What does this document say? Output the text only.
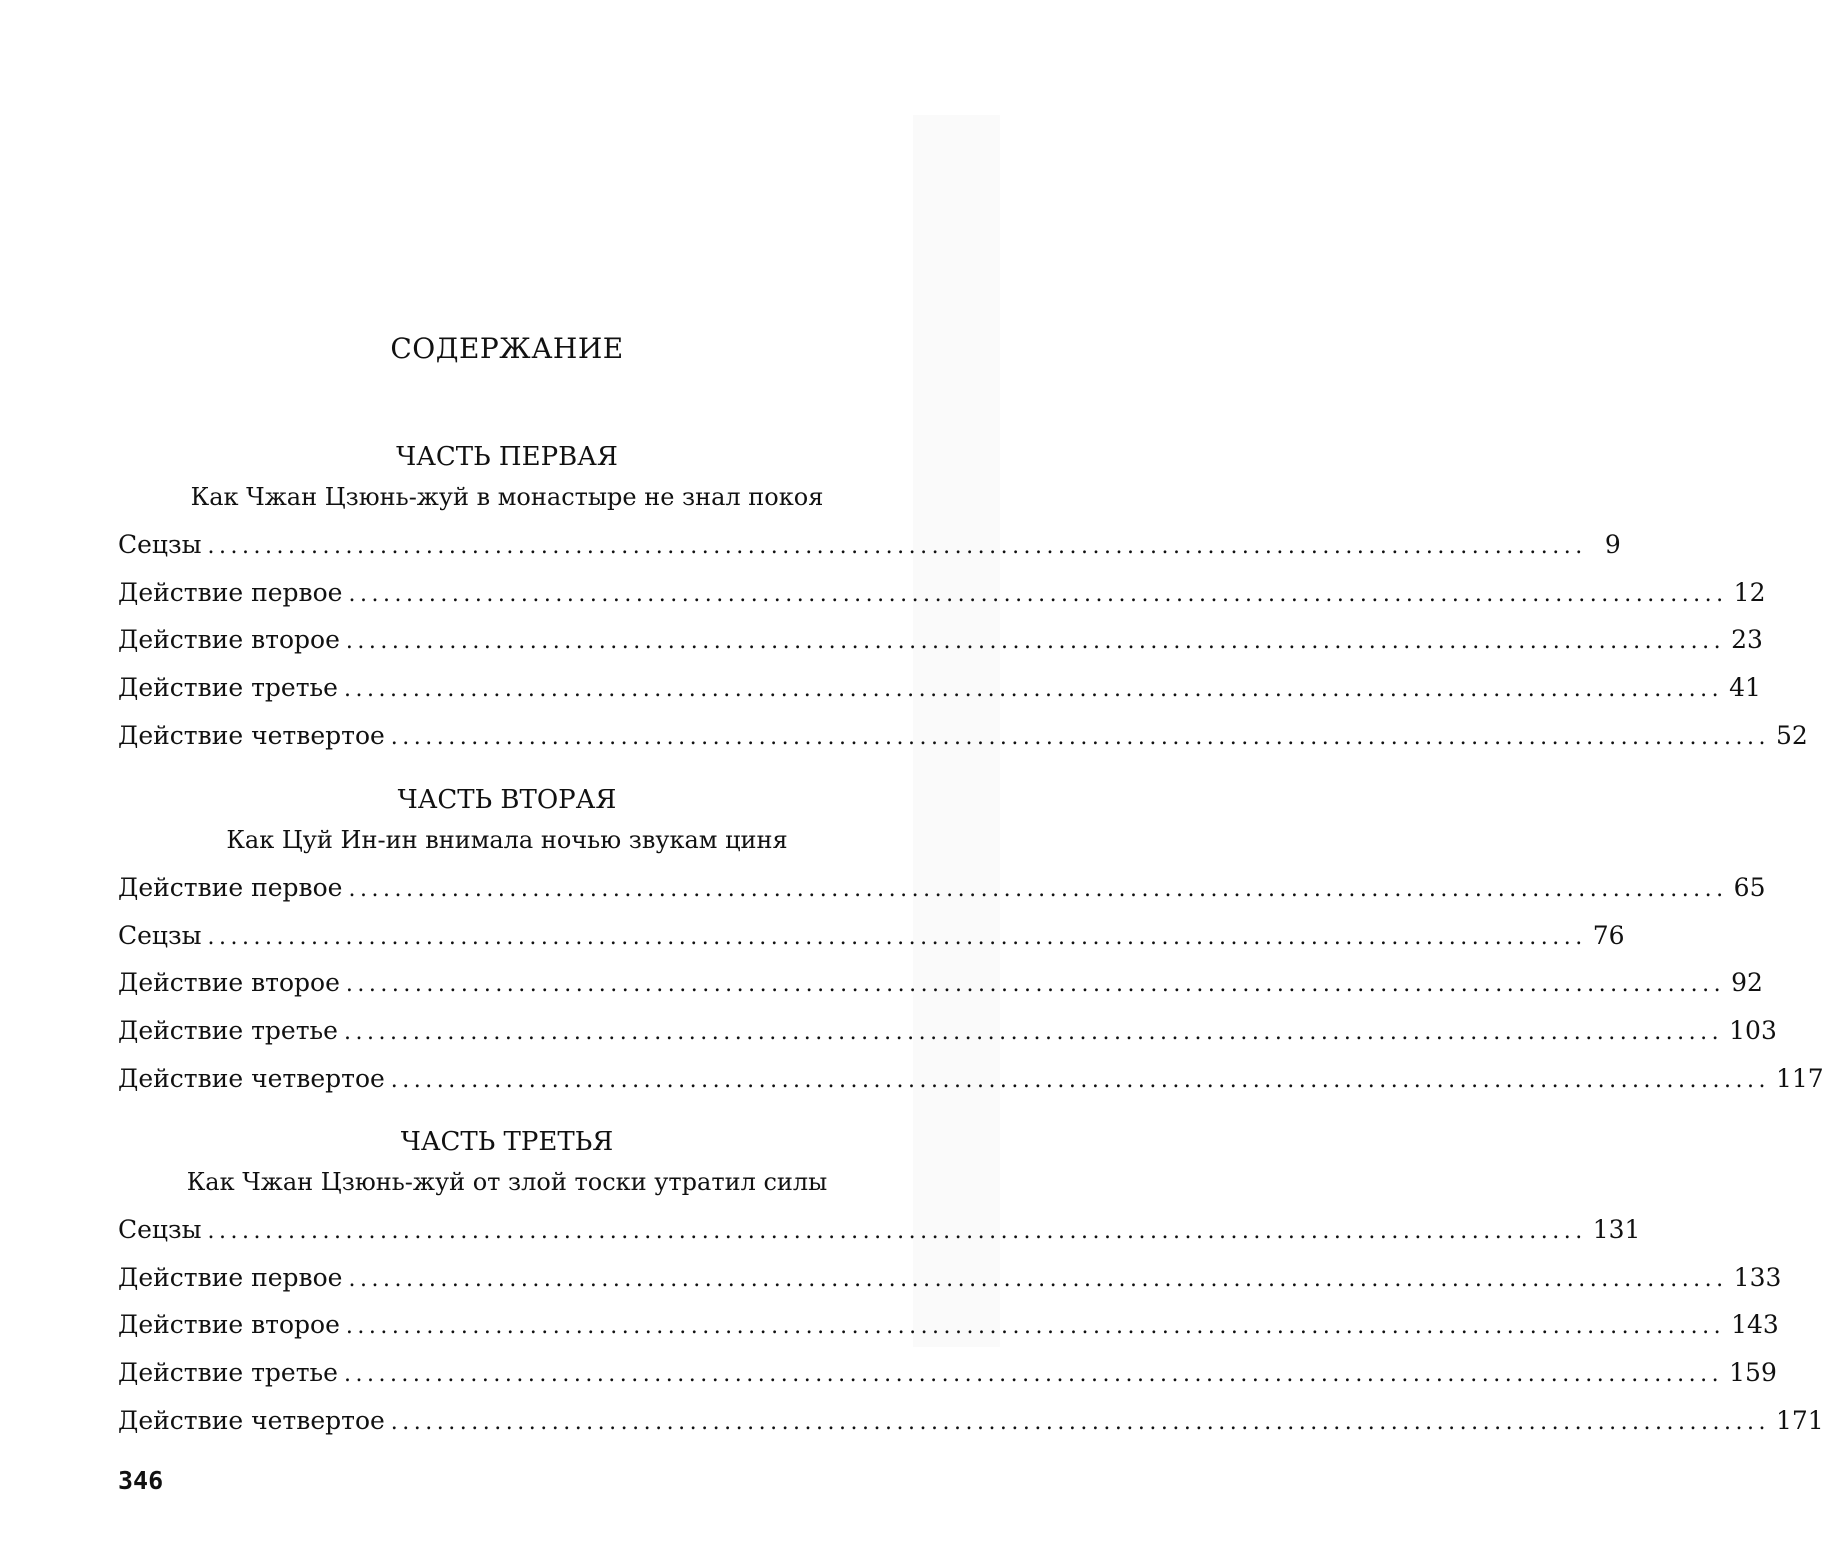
СОДЕРЖАНИЕ
ЧАСТЬ ПЕРВАЯ
Как Чжан Цзюнь-жуй в монастыре не знал покоя
Сецзы ........................................................................................................................ 9
Действие первое ........................................................................................................................ 12
Действие второе ........................................................................................................................ 23
Действие третье ........................................................................................................................ 41
Действие четвертое ........................................................................................................................ 52
ЧАСТЬ ВТОРАЯ
Как Цуй Ин-ин внимала ночью звукам циня
Действие первое ........................................................................................................................ 65
Сецзы ........................................................................................................................ 76
Действие второе ........................................................................................................................ 92
Действие третье ........................................................................................................................ 103
Действие четвертое ........................................................................................................................ 117
ЧАСТЬ ТРЕТЬЯ
Как Чжан Цзюнь-жуй от злой тоски утратил силы
Сецзы ........................................................................................................................ 131
Действие первое ........................................................................................................................ 133
Действие второе ........................................................................................................................ 143
Действие третье ........................................................................................................................ 159
Действие четвертое ........................................................................................................................ 171
346
